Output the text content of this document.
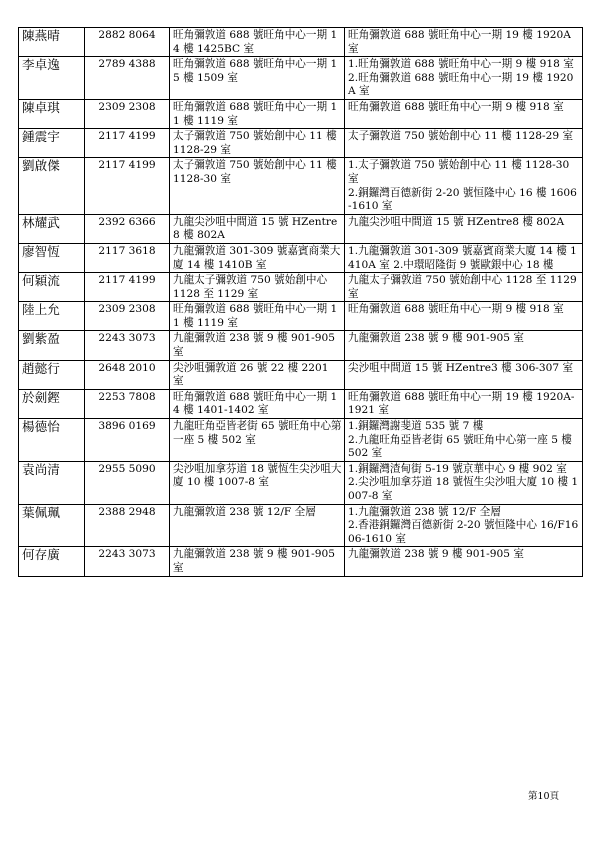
陳燕晴	2882 8064	旺角彌敦道 688 號旺角中心一期 14 樓 1425BC 室	旺角彌敦道 688 號旺角中心一期 19 樓 1920A 室

李卓逸	2789 4388	旺角彌敦道 688 號旺角中心一期 15 樓 1509 室	1.旺角彌敦道 688 號旺角中心一期 9 樓 918 室
2.旺角彌敦道 688 號旺角中心一期 19 樓 1920A 室

陳卓琪	2309 2308	旺角彌敦道 688 號旺角中心一期 11 樓 1119 室	旺角彌敦道 688 號旺角中心一期 9 樓 918 室

鍾震宇	2117 4199	太子彌敦道 750 號始創中心 11 樓 1128-29 室	太子彌敦道 750 號始創中心 11 樓 1128-29 室

劉啟傑	2117 4199	太子彌敦道 750 號始創中心 11 樓 1128-30 室	1.太子彌敦道 750 號始創中心 11 樓 1128-30 室
2.銅鑼灣百德新街 2-20 號恒隆中心 16 樓 1606-1610 室

林耀武	2392 6366	九龍尖沙咀中間道 15 號 HZentre8 樓 802A	九龍尖沙咀中間道 15 號 HZentre8 樓 802A

廖智恆	2117 3618	九龍彌敦道 301-309 號嘉賓商業大廈 14 樓 1410B 室	1.九龍彌敦道 301-309 號嘉賓商業大廈 14 樓 1410A 室 2.中環昭隆街 9 號歐銀中心 18 樓

何穎流	2117 4199	九龍太子彌敦道 750 號始創中心
1128 至 1129 室	九龍太子彌敦道 750 號始創中心 1128 至 1129 室

陸上允	2309 2308	旺角彌敦道 688 號旺角中心一期 11 樓 1119 室	旺角彌敦道 688 號旺角中心一期 9 樓 918 室

劉紫盈	2243 3073	九龍彌敦道 238 號 9 樓 901-905 室	九龍彌敦道 238 號 9 樓 901-905 室

趙懿行	2648 2010	尖沙咀彌敦道 26 號 22 樓 2201 室	尖沙咀中間道 15 號 HZentre3 樓 306-307 室

於劍鏗	2253 7808	旺角彌敦道 688 號旺角中心一期 14 樓 1401-1402 室	旺角彌敦道 688 號旺角中心一期 19 樓 1920A-1921 室

楊德怡	3896 0169	九龍旺角亞皆老街 65 號旺角中心第一座 5 樓 502 室	1.銅鑼灣謝斐道 535 號 7 樓
2.九龍旺角亞皆老街 65 號旺角中心第一座 5 樓 502 室

袁尚清	2955 5090	尖沙咀加拿芬道 18 號恆生尖沙咀大廈 10 樓 1007-8 室	1.銅鑼灣渣甸街 5-19 號京華中心 9 樓 902 室
2.尖沙咀加拿芬道 18 號恆生尖沙咀大廈 10 樓 1007-8 室

葉佩珮	2388 2948	九龍彌敦道 238 號 12/F 全層	1.九龍彌敦道 238 號 12/F 全層
2.香港銅鑼灣百德新街 2-20 號恒隆中心 16/F1606-1610 室

何存廣	2243 3073	九龍彌敦道 238 號 9 樓 901-905 室	九龍彌敦道 238 號 9 樓 901-905 室
第10頁
